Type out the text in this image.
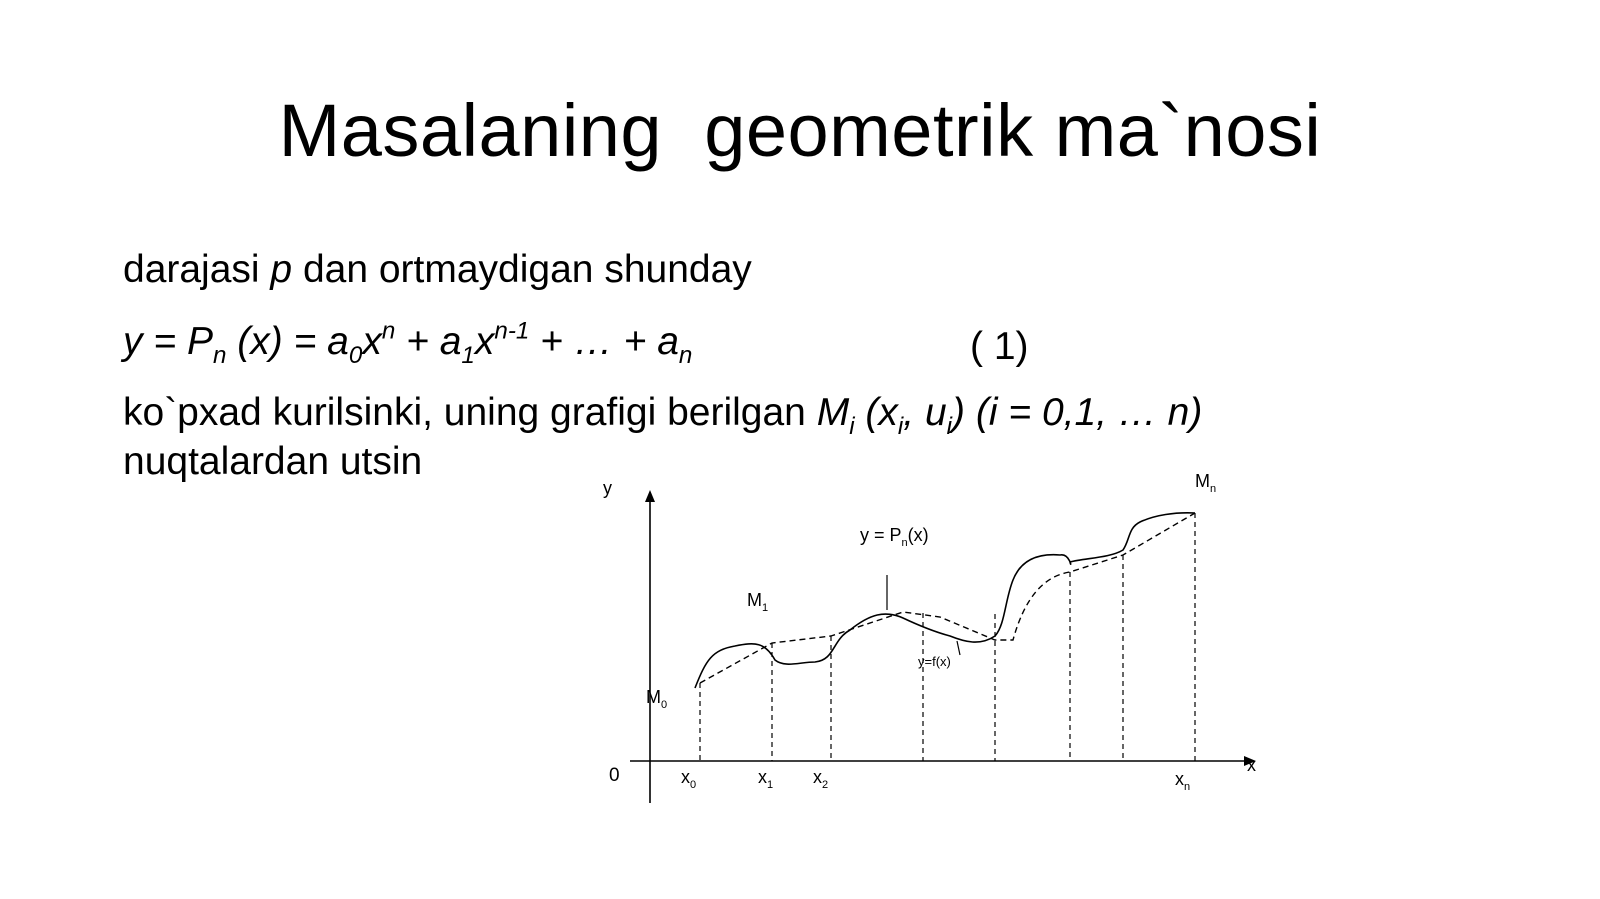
Masalaning  geometrik ma`nosi
darajasi p dan ortmaydigan shunday
$y = P_n$ $(x) = a_0x^n + a_1x^{n-1}$ + … + $a_n$	( 1)
ko`pxad kurilsinki, uning grafigi berilgan $M_i$ ($x_i$, $u_i$) (i = 0,1, … n)
nuqtalardan utsin
y
x
0
$M_0$
$M_1$
$M_n$
$y = P_n(x)$
y=f(x)
$x_0$	$x_1$ $x_2$	$x_n$
